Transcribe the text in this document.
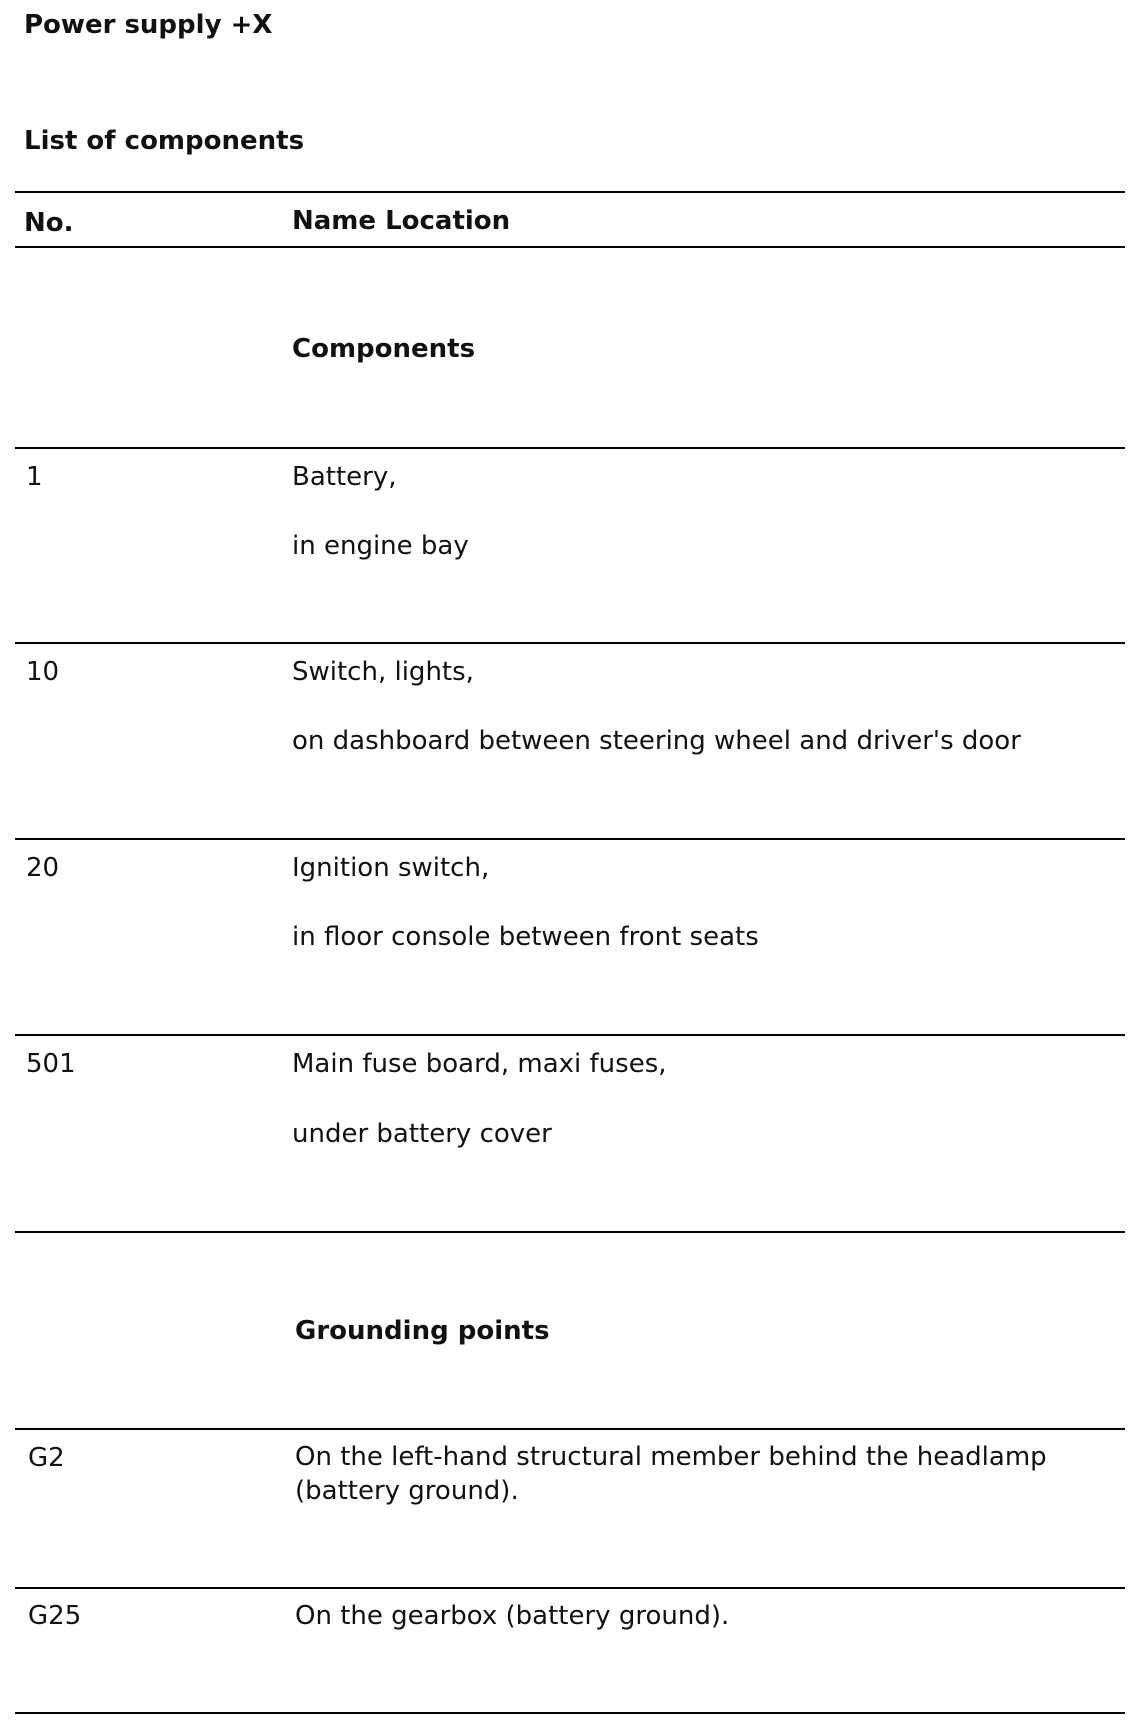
Power supply +X
List of components
No.	Name Location
Components
1	Battery,
in engine bay
10	Switch, lights,
on dashboard between steering wheel and driver's door
20	Ignition switch,
in floor console between front seats
501	Main fuse board, maxi fuses,
under battery cover
Grounding points
G2	On the left-hand structural member behind the headlamp (battery ground).
G25	On the gearbox (battery ground).
